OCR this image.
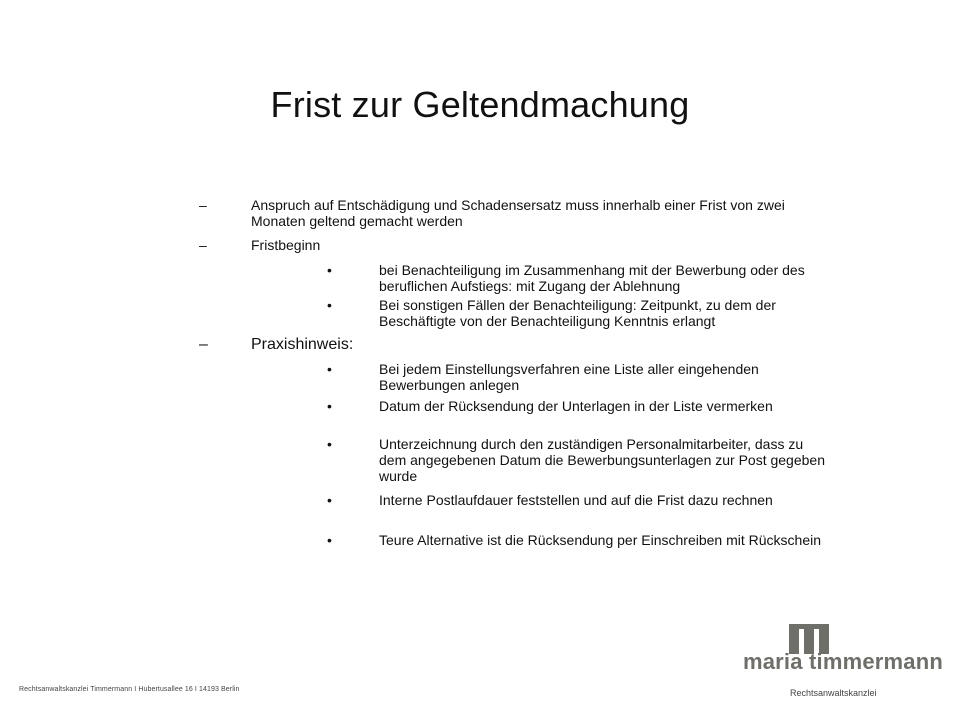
Frist zur Geltendmachung
–	Anspruch auf Entschädigung und Schadensersatz muss innerhalb einer Frist von zwei Monaten geltend gemacht werden
–	Fristbeginn
•	bei Benachteiligung im Zusammenhang mit der Bewerbung oder des beruflichen Aufstiegs: mit Zugang der Ablehnung
•	Bei sonstigen Fällen der Benachteiligung: Zeitpunkt, zu dem der Beschäftigte von der Benachteiligung Kenntnis erlangt
–	Praxishinweis:
•	Bei jedem Einstellungsverfahren eine Liste aller eingehenden Bewerbungen anlegen
•	Datum der Rücksendung der Unterlagen in der Liste vermerken
•	Unterzeichnung durch den zuständigen Personalmitarbeiter, dass zu dem angegebenen Datum die Bewerbungsunterlagen zur Post gegeben wurde
•	Interne Postlaufdauer feststellen und auf die Frist dazu rechnen
•	Teure Alternative ist die Rücksendung per Einschreiben mit Rückschein
maria timmermann
Rechtsanwaltskanzlei Timmermann I Hubertusallee 16 I 14193 Berlin	Rechtsanwaltskanzlei
